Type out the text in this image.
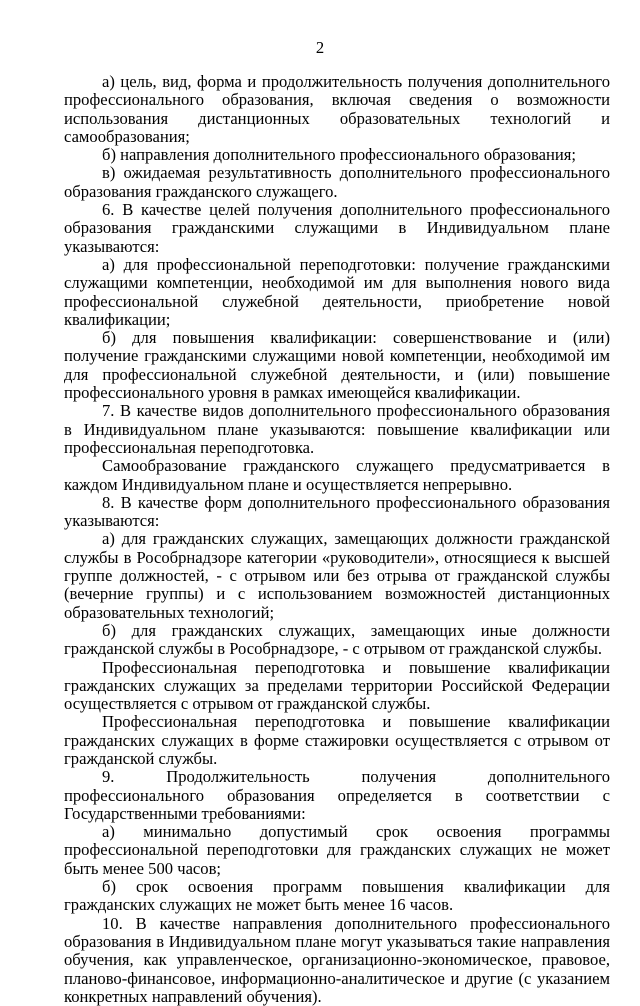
2

а) цель, вид, форма и продолжительность получения дополнительного профессионального образования, включая сведения о возможности использования дистанционных образовательных технологий и самообразования;

б) направления дополнительного профессионального образования;

в) ожидаемая результативность дополнительного профессионального образования гражданского служащего.

6. В качестве целей получения дополнительного профессионального образования гражданскими служащими в Индивидуальном плане указываются:

а) для профессиональной переподготовки: получение гражданскими служащими компетенции, необходимой им для выполнения нового вида профессиональной служебной деятельности, приобретение новой квалификации;

б) для повышения квалификации: совершенствование и (или) получение гражданскими служащими новой компетенции, необходимой им для профессиональной служебной деятельности, и (или) повышение профессионального уровня в рамках имеющейся квалификации.

7. В качестве видов дополнительного профессионального образования в Индивидуальном плане указываются: повышение квалификации или профессиональная переподготовка.

Самообразование гражданского служащего предусматривается в каждом Индивидуальном плане и осуществляется непрерывно.

8. В качестве форм дополнительного профессионального образования указываются:

а) для гражданских служащих, замещающих должности гражданской службы в Рособрнадзоре категории «руководители», относящиеся к высшей группе должностей, - с отрывом или без отрыва от гражданской службы (вечерние группы) и с использованием возможностей дистанционных образовательных технологий;

б) для гражданских служащих, замещающих иные должности гражданской службы в Рособрнадзоре, - с отрывом от гражданской службы.

Профессиональная переподготовка и повышение квалификации гражданских служащих за пределами территории Российской Федерации осуществляется с отрывом от гражданской службы.

Профессиональная переподготовка и повышение квалификации гражданских служащих в форме стажировки осуществляется с отрывом от гражданской службы.

9. Продолжительность получения дополнительного профессионального образования определяется в соответствии с Государственными требованиями:

а) минимально допустимый срок освоения программы профессиональной переподготовки для гражданских служащих не может быть менее 500 часов;

б) срок освоения программ повышения квалификации для гражданских служащих не может быть менее 16 часов.

10. В качестве направления дополнительного профессионального образования в Индивидуальном плане могут указываться такие направления обучения, как управленческое, организационно-экономическое, правовое, планово-финансовое, информационно-аналитическое и другие (с указанием конкретных направлений обучения).
